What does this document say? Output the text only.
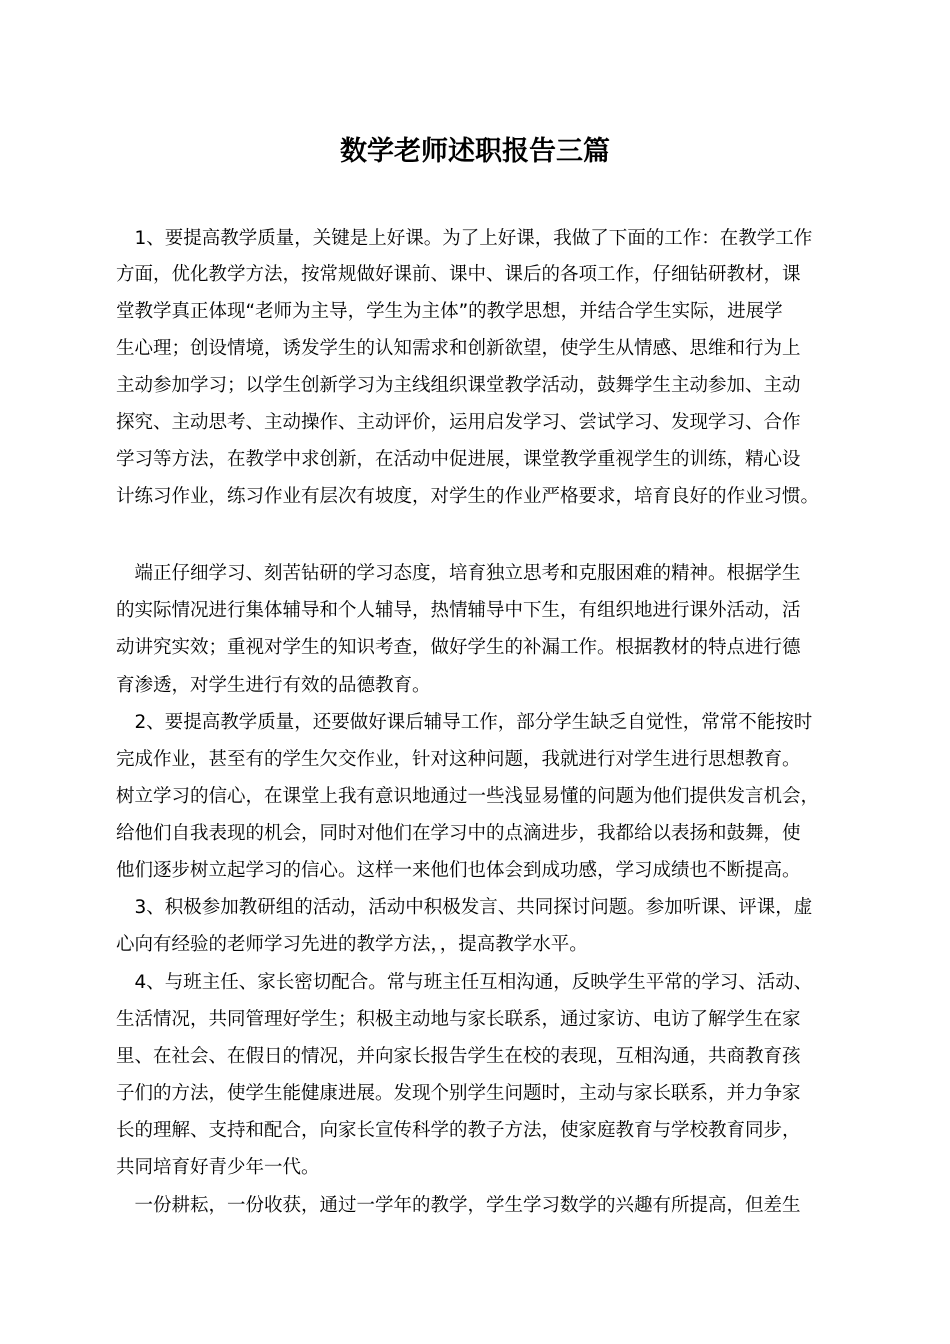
数学老师述职报告三篇
　1、要提高教学质量，关键是上好课。为了上好课，我做了下面的工作：在教学工作
方面，优化教学方法，按常规做好课前、课中、课后的各项工作，仔细钻研教材，课
堂教学真正体现“老师为主导，学生为主体”的教学思想，并结合学生实际，进展学
生心理；创设情境，诱发学生的认知需求和创新欲望，使学生从情感、思维和行为上
主动参加学习；以学生创新学习为主线组织课堂教学活动，鼓舞学生主动参加、主动
探究、主动思考、主动操作、主动评价，运用启发学习、尝试学习、发现学习、合作
学习等方法，在教学中求创新，在活动中促进展，课堂教学重视学生的训练，精心设
计练习作业，练习作业有层次有坡度，对学生的作业严格要求，培育良好的作业习惯。
　端正仔细学习、刻苦钻研的学习态度，培育独立思考和克服困难的精神。根据学生
的实际情况进行集体辅导和个人辅导，热情辅导中下生，有组织地进行课外活动，活
动讲究实效；重视对学生的知识考查，做好学生的补漏工作。根据教材的特点进行德
育渗透，对学生进行有效的品德教育。
　2、要提高教学质量，还要做好课后辅导工作，部分学生缺乏自觉性，常常不能按时
完成作业，甚至有的学生欠交作业，针对这种问题，我就进行对学生进行思想教育。
树立学习的信心，在课堂上我有意识地通过一些浅显易懂的问题为他们提供发言机会，
给他们自我表现的机会，同时对他们在学习中的点滴进步，我都给以表扬和鼓舞，使
他们逐步树立起学习的信心。这样一来他们也体会到成功感，学习成绩也不断提高。
　3、积极参加教研组的活动，活动中积极发言、共同探讨问题。参加听课、评课，虚
心向有经验的老师学习先进的教学方法，，提高教学水平。
　4、与班主任、家长密切配合。常与班主任互相沟通，反映学生平常的学习、活动、
生活情况，共同管理好学生；积极主动地与家长联系，通过家访、电访了解学生在家
里、在社会、在假日的情况，并向家长报告学生在校的表现，互相沟通，共商教育孩
子们的方法，使学生能健康进展。发现个别学生问题时，主动与家长联系，并力争家
长的理解、支持和配合，向家长宣传科学的教子方法，使家庭教育与学校教育同步，
共同培育好青少年一代。
　一份耕耘，一份收获，通过一学年的教学，学生学习数学的兴趣有所提高，但差生
